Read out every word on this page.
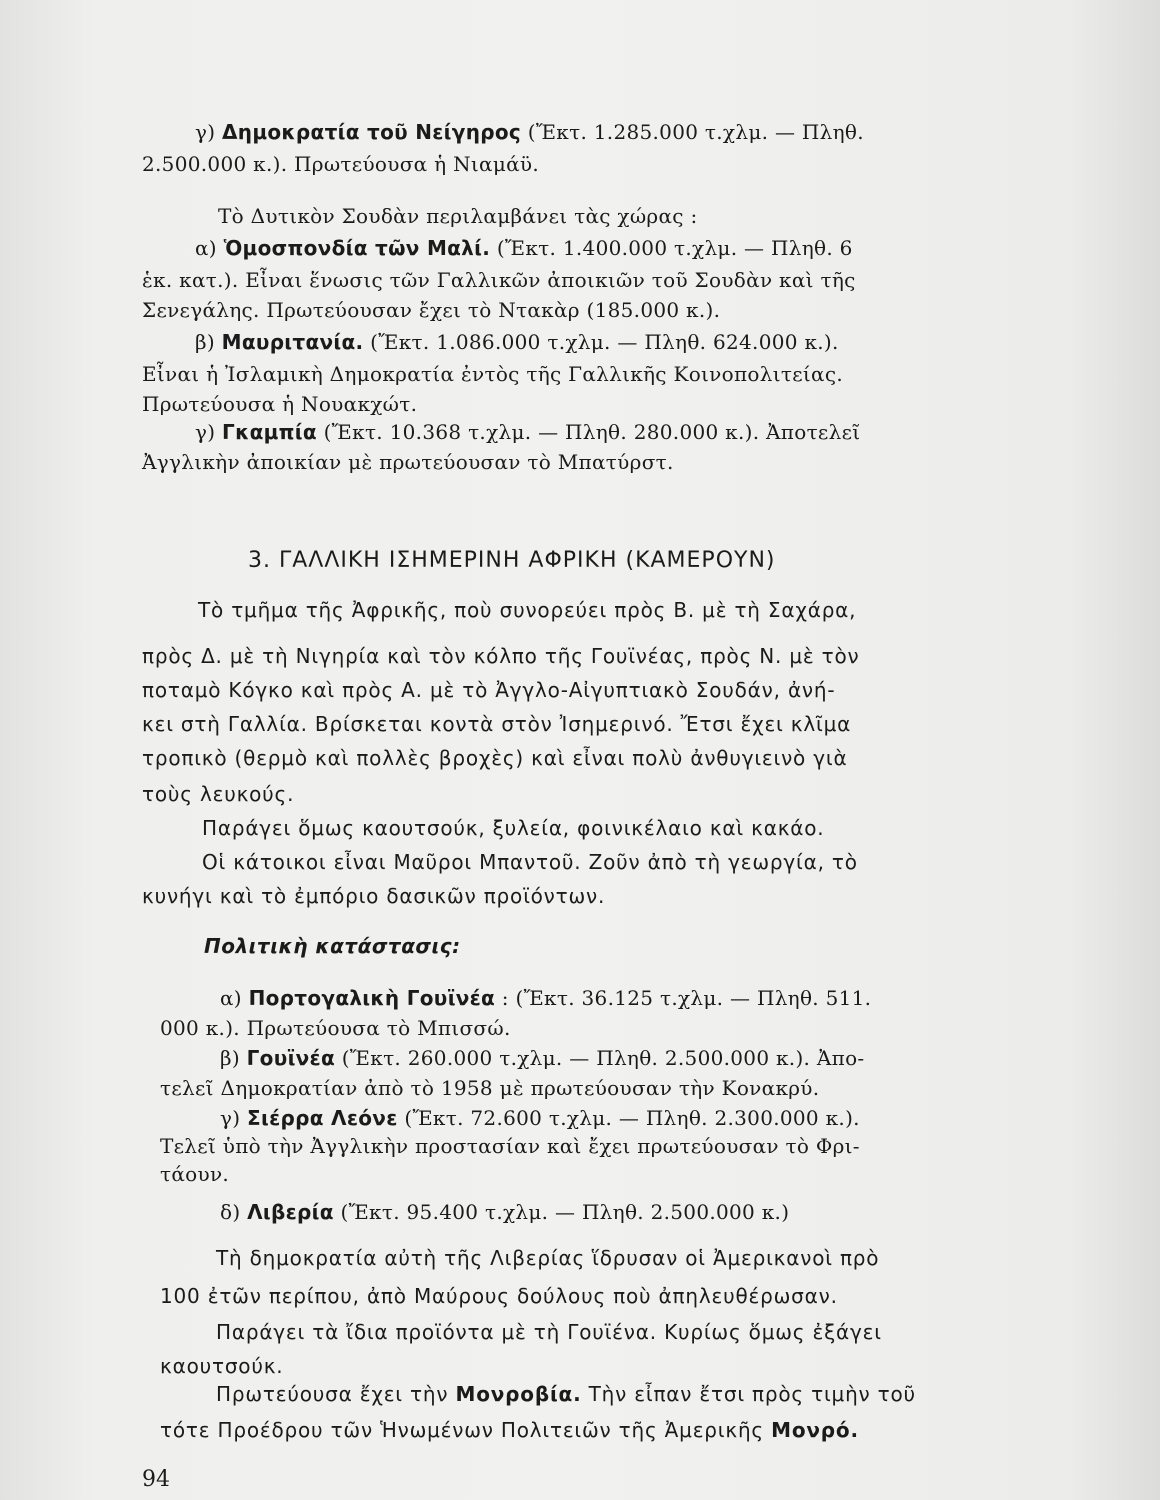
γ) Δημοκρατία τοῦ Νείγηρος (Ἔκτ. 1.285.000 τ.χλμ. — Πληθ.
2.500.000 κ.). Πρωτεύουσα ἡ Νιαμάϋ.
Τὸ Δυτικὸν Σουδὰν περιλαμβάνει τὰς χώρας :
α) Ὁμοσπονδία τῶν Μαλί. (Ἔκτ. 1.400.000 τ.χλμ. — Πληθ. 6
ἑκ. κατ.). Εἶναι ἕνωσις τῶν Γαλλικῶν ἀποικιῶν τοῦ Σουδὰν καὶ τῆς
Σενεγάλης. Πρωτεύουσαν ἔχει τὸ Ντακὰρ (185.000 κ.).
β) Μαυριτανία. (Ἔκτ. 1.086.000 τ.χλμ. — Πληθ. 624.000 κ.).
Εἶναι ἡ Ἰσλαμικὴ Δημοκρατία ἐντὸς τῆς Γαλλικῆς Κοινοπολιτείας.
Πρωτεύουσα ἡ Νουακχώτ.
γ) Γκαμπία (Ἔκτ. 10.368 τ.χλμ. — Πληθ. 280.000 κ.). Ἀποτελεῖ
Ἀγγλικὴν ἀποικίαν μὲ πρωτεύουσαν τὸ Μπατύρστ.
3. ΓΑΛΛΙΚΗ ΙΣΗΜΕΡΙΝΗ ΑΦΡΙΚΗ (ΚΑΜΕΡΟΥΝ)
Τὸ τμῆμα τῆς Ἀφρικῆς, ποὺ συνορεύει πρὸς Β. μὲ τὴ Σαχάρα,
πρὸς Δ. μὲ τὴ Νιγηρία καὶ τὸν κόλπο τῆς Γουϊνέας, πρὸς Ν. μὲ τὸν
ποταμὸ Κόγκο καὶ πρὸς Α. μὲ τὸ Ἀγγλο-Αἰγυπτιακὸ Σουδάν, ἀνή-
κει στὴ Γαλλία. Βρίσκεται κοντὰ στὸν Ἰσημερινό. Ἔτσι ἔχει κλῖμα
τροπικὸ (θερμὸ καὶ πολλὲς βροχὲς) καὶ εἶναι πολὺ ἀνθυγιεινὸ γιὰ
τοὺς λευκούς.
Παράγει ὅμως καουτσούκ, ξυλεία, φοινικέλαιο καὶ κακάο.
Οἱ κάτοικοι εἶναι Μαῦροι Μπαντοῦ. Ζοῦν ἀπὸ τὴ γεωργία, τὸ
κυνήγι καὶ τὸ ἐμπόριο δασικῶν προϊόντων.
Πολιτικὴ κατάστασις:
α) Πορτογαλικὴ Γουϊνέα : (Ἔκτ. 36.125 τ.χλμ. — Πληθ. 511.
000 κ.). Πρωτεύουσα τὸ Μπισσώ.
β) Γουϊνέα (Ἔκτ. 260.000 τ.χλμ. — Πληθ. 2.500.000 κ.). Ἀπο-
τελεῖ Δημοκρατίαν ἀπὸ τὸ 1958 μὲ πρωτεύουσαν τὴν Κονακρύ.
γ) Σιέρρα Λεόνε (Ἔκτ. 72.600 τ.χλμ. — Πληθ. 2.300.000 κ.).
Τελεῖ ὑπὸ τὴν Ἀγγλικὴν προστασίαν καὶ ἔχει πρωτεύουσαν τὸ Φρι-
τάουν.
δ) Λιβερία (Ἔκτ. 95.400 τ.χλμ. — Πληθ. 2.500.000 κ.)
Τὴ δημοκρατία αὐτὴ τῆς Λιβερίας ἵδρυσαν οἱ Ἀμερικανοὶ πρὸ
100 ἐτῶν περίπου, ἀπὸ Μαύρους δούλους ποὺ ἀπηλευθέρωσαν.
Παράγει τὰ ἴδια προϊόντα μὲ τὴ Γουϊένα. Κυρίως ὅμως ἐξάγει
καουτσούκ.
Πρωτεύουσα ἔχει τὴν Μονροβία. Τὴν εἶπαν ἔτσι πρὸς τιμὴν τοῦ
τότε Προέδρου τῶν Ἡνωμένων Πολιτειῶν τῆς Ἀμερικῆς Μονρό.
94
